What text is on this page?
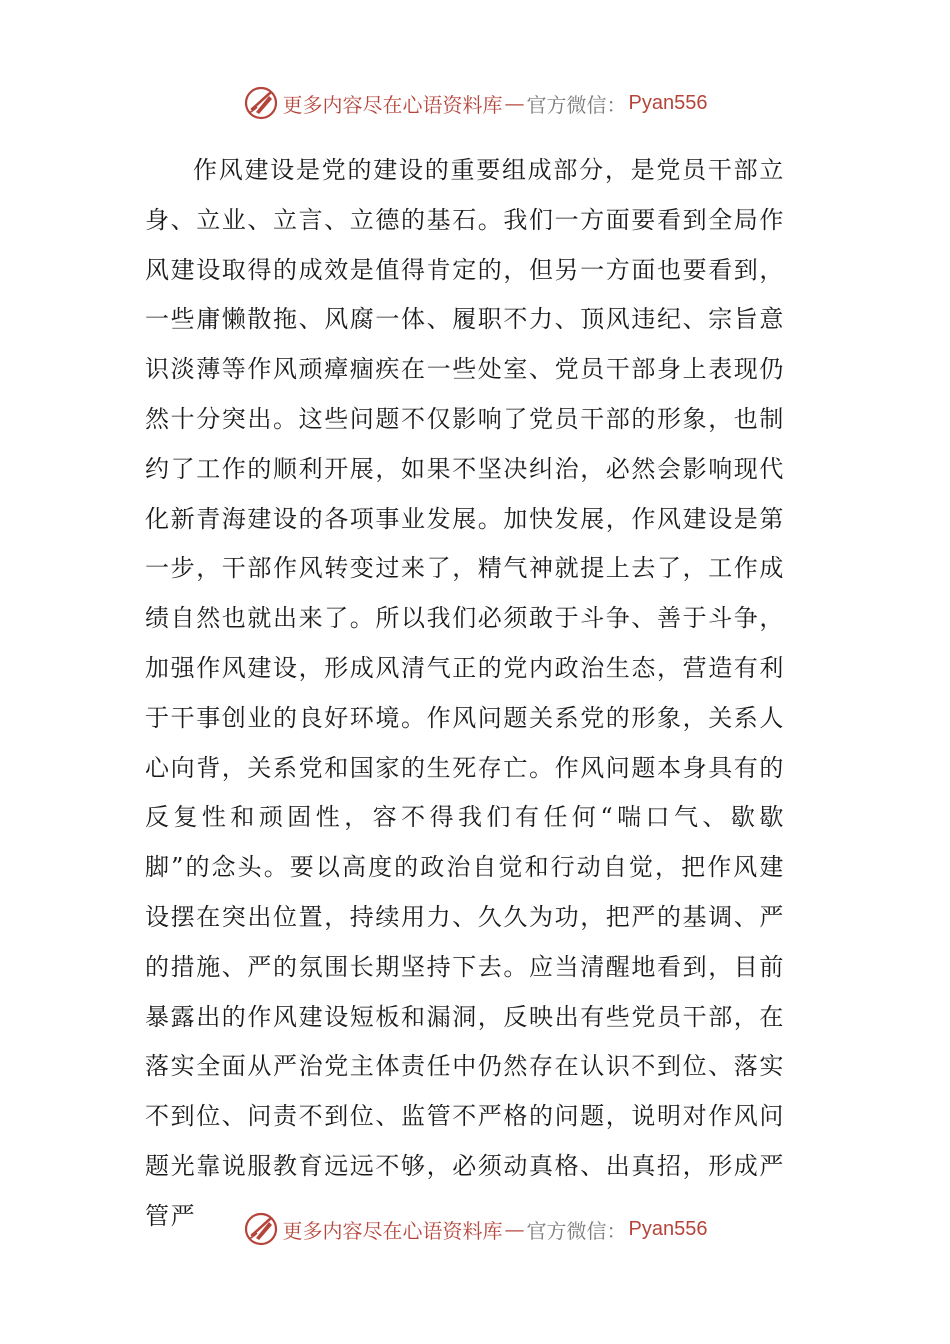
更多内容尽在心语资料库 — 官方微信： Pyan556

作风建设是党的建设的重要组成部分，是党员干部立身、立业、立言、立德的基石。我们一方面要看到全局作风建设取得的成效是值得肯定的，但另一方面也要看到，一些庸懒散拖、风腐一体、履职不力、顶风违纪、宗旨意识淡薄等作风顽瘴痼疾在一些处室、党员干部身上表现仍然十分突出。这些问题不仅影响了党员干部的形象，也制约了工作的顺利开展，如果不坚决纠治，必然会影响现代化新青海建设的各项事业发展。加快发展，作风建设是第一步，干部作风转变过来了，精气神就提上去了，工作成绩自然也就出来了。所以我们必须敢于斗争、善于斗争，加强作风建设，形成风清气正的党内政治生态，营造有利于干事创业的良好环境。作风问题关系党的形象，关系人心向背，关系党和国家的生死存亡。作风问题本身具有的反复性和顽固性，容不得我们有任何“喘口气、歇歇脚”的念头。要以高度的政治自觉和行动自觉，把作风建设摆在突出位置，持续用力、久久为功，把严的基调、严的措施、严的氛围长期坚持下去。应当清醒地看到，目前暴露出的作风建设短板和漏洞，反映出有些党员干部，在落实全面从严治党主体责任中仍然存在认识不到位、落实不到位、问责不到位、监管不严格的问题，说明对作风问题光靠说服教育远远不够，必须动真格、出真招，形成严管严

更多内容尽在心语资料库 — 官方微信： Pyan556
